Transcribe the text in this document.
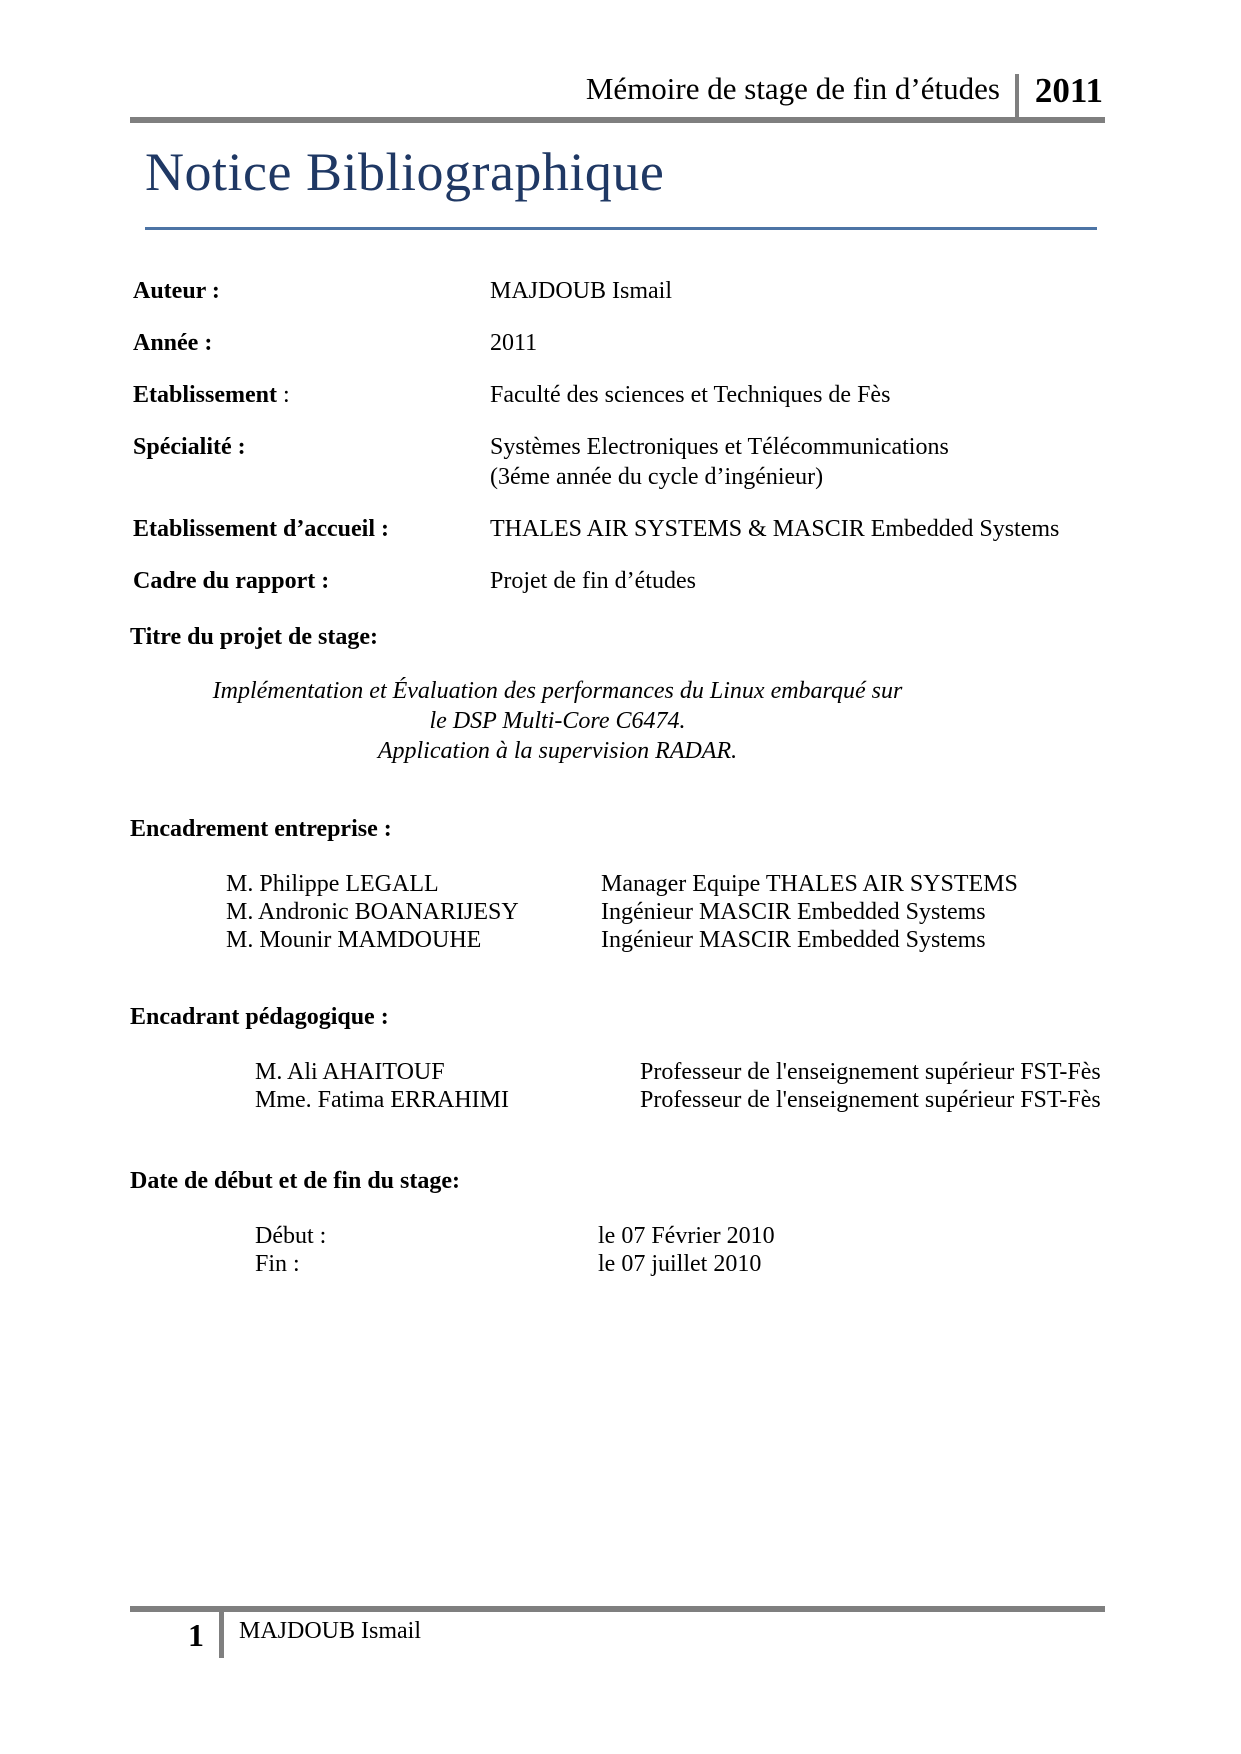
Mémoire de stage de fin d’études	2011
Notice Bibliographique
Auteur :	MAJDOUB Ismail
Année :	2011
Etablissement :	Faculté des sciences et Techniques de Fès
Spécialité :	Systèmes Electroniques et Télécommunications
(3éme année du cycle d’ingénieur)
Etablissement d’accueil :	THALES AIR SYSTEMS & MASCIR Embedded Systems
Cadre du rapport :	Projet de fin d’études
Titre du projet de stage:
Implémentation et Évaluation des performances du Linux embarqué sur
le DSP Multi-Core C6474.
Application à la supervision RADAR.
Encadrement entreprise :
M. Philippe LEGALL	Manager Equipe THALES AIR SYSTEMS
M. Andronic BOANARIJESY	Ingénieur MASCIR Embedded Systems
M. Mounir MAMDOUHE	Ingénieur MASCIR Embedded Systems
Encadrant pédagogique :
M. Ali AHAITOUF	Professeur de l'enseignement supérieur FST-Fès
Mme. Fatima ERRAHIMI	Professeur de l'enseignement supérieur FST-Fès
Date de début et de fin du stage:
Début :	le 07 Février 2010
Fin :	le 07 juillet 2010
1	MAJDOUB Ismail
